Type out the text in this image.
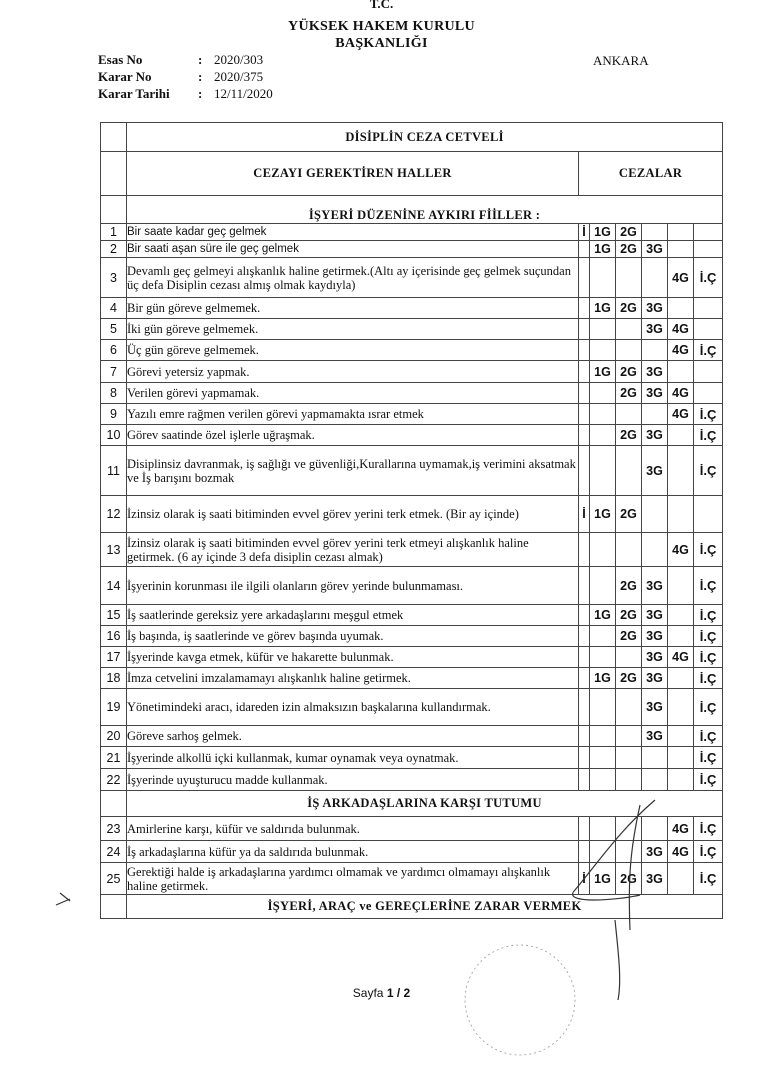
T.C.
YÜKSEK HAKEM KURULU
BAŞKANLIĞI
Esas No	: 2020/303
Karar No	: 2020/375
Karar Tarihi	: 12/11/2020
ANKARA
	DİSİPLİN CEZA CETVELİ						
	CEZAYI GEREKTİREN HALLER	CEZALAR					
	İŞYERİ DÜZENİNE AYKIRI FİİLLER :						
1	Bir saate kadar geç gelmek	İ	1G	2G			
2	Bir saati aşan süre ile geç gelmek		1G	2G	3G		
3	Devamlı geç gelmeyi alışkanlık haline getirmek.(Altı ay içerisinde geç gelmek suçundan üç defa Disiplin cezası almış olmak kaydıyla)					4G	İ.Ç
4	Bir gün göreve gelmemek.		1G	2G	3G		
5	İki gün göreve gelmemek.				3G	4G	
6	Üç gün göreve gelmemek.					4G	İ.Ç
7	Görevi yetersiz yapmak.		1G	2G	3G		
8	Verilen görevi yapmamak.			2G	3G	4G	
9	Yazılı emre rağmen verilen görevi yapmamakta ısrar etmek					4G	İ.Ç
10	Görev saatinde özel işlerle uğraşmak.			2G	3G		İ.Ç
11	Disiplinsiz davranmak, iş sağlığı ve güvenliği,Kurallarına uymamak,iş verimini aksatmak ve İş barışını bozmak				3G		İ.Ç
12	İzinsiz olarak iş saati bitiminden evvel görev yerini terk etmek. (Bir ay içinde)	İ	1G	2G			
13	İzinsiz olarak iş saati bitiminden evvel görev yerini terk etmeyi alışkanlık haline getirmek. (6 ay içinde 3 defa disiplin cezası almak)					4G	İ.Ç
14	İşyerinin korunması ile ilgili olanların görev yerinde bulunmaması.			2G	3G		İ.Ç
15	İş saatlerinde gereksiz yere arkadaşlarını meşgul etmek		1G	2G	3G		İ.Ç
16	İş başında, iş saatlerinde ve görev başında uyumak.			2G	3G		İ.Ç
17	İşyerinde kavga etmek, küfür ve hakarette bulunmak.				3G	4G	İ.Ç
18	İmza cetvelini imzalamamayı alışkanlık haline getirmek.		1G	2G	3G		İ.Ç
19	Yönetimindeki aracı, idareden izin almaksızın başkalarına kullandırmak.				3G		İ.Ç
20	Göreve sarhoş gelmek.				3G		İ.Ç
21	İşyerinde alkollü içki kullanmak, kumar oynamak veya oynatmak.						İ.Ç
22	İşyerinde uyuşturucu madde kullanmak.						İ.Ç
	İŞ ARKADAŞLARINA KARŞI TUTUMU						
23	Amirlerine karşı, küfür ve saldırıda bulunmak.					4G	İ.Ç
24	İş arkadaşlarına küfür ya da saldırıda bulunmak.				3G	4G	İ.Ç
25	Gerektiği halde iş arkadaşlarına yardımcı olmamak ve yardımcı olmamayı alışkanlık haline getirmek.	İ	1G	2G	3G		İ.Ç
	İŞYERİ, ARAÇ ve GEREÇLERİNE ZARAR VERMEK						
Sayfa 1 / 2
